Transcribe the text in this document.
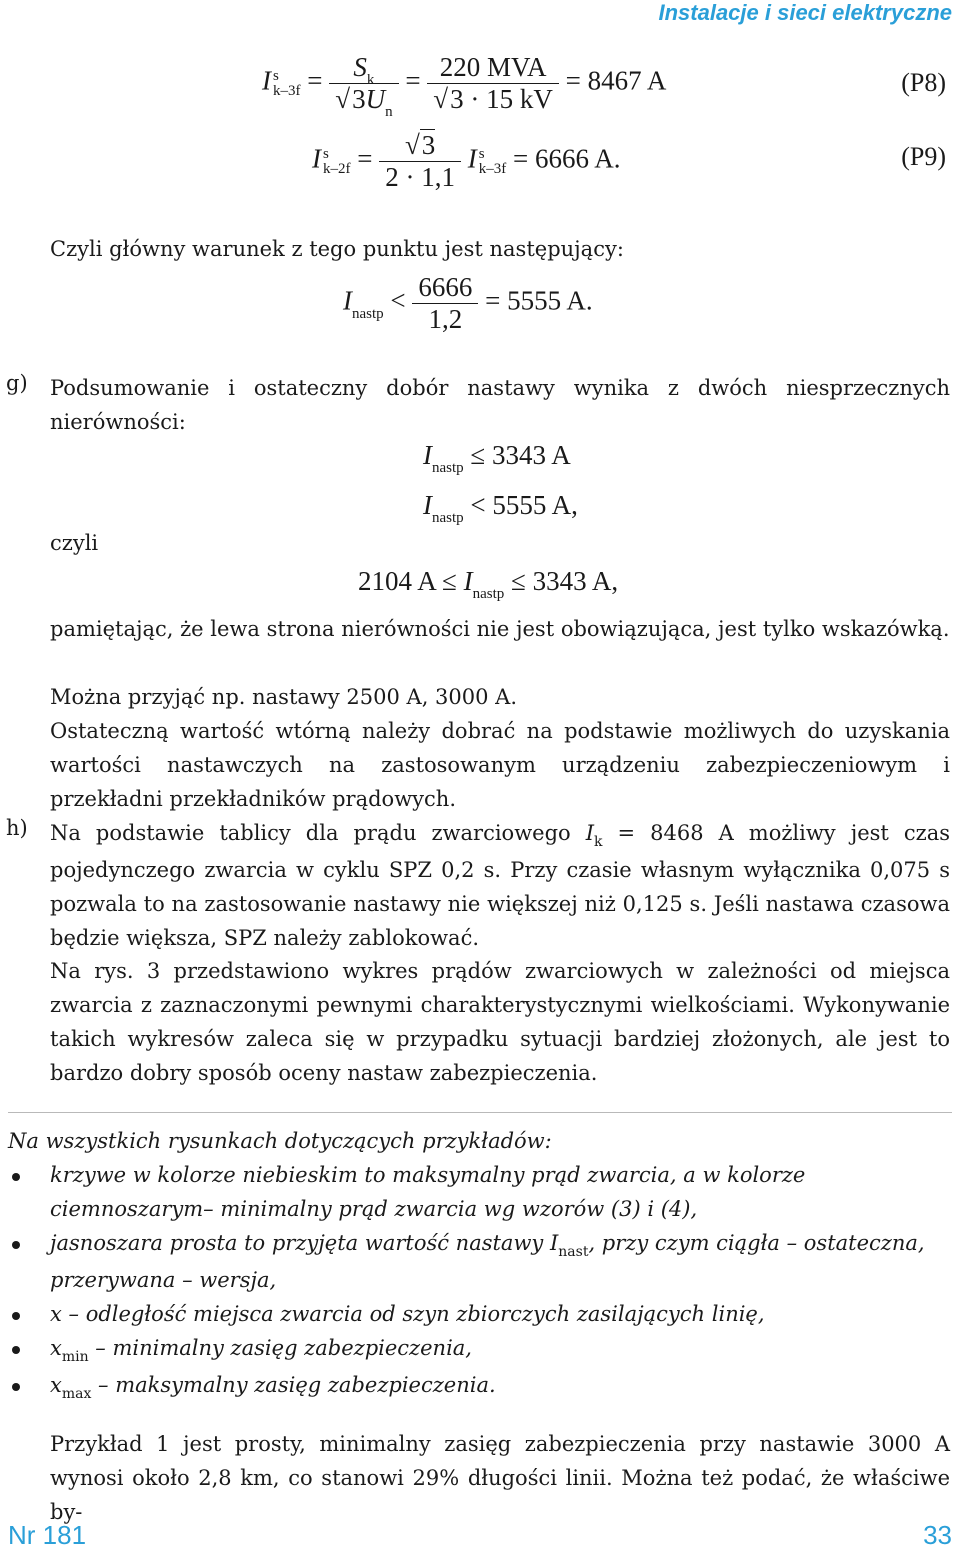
Instalacje i sieci elektryczne
I s
$k-3f = \frac{S_k}{√3U_n} = \frac{\text{220 MVA}}{√3 \cdot 15 kV} = 8467$ A	(P8)
I s
$k-2f = \frac{√3}{2 \cdot 1,1}$ I s
k–3f = 6666 A.	(P9)
Czyli główny warunek z tego punktu jest następujący:
$I_{nastp} < \frac{6666}{1,2} = 5555$ A.
g) Podsumowanie i ostateczny dobór nastawy wynika z dwóch niesprzecznych nierówności:
$I_{nastp} \le 3343$ A
$I_{nastp} < 5555$ A,
czyli
2104 $A \le I_{nastp} \le 3343$ A,
pamiętając, że lewa strona nierówności nie jest obowiązująca, jest tylko wskazówką.
Można przyjąć np. nastawy 2500 A, 3000 A.
Ostateczną wartość wtórną należy dobrać na podstawie możliwych do uzyskania wartości nastawczych na zastosowanym urządzeniu zabezpieczeniowym i przekładni przekładników prądowych.
h) Na podstawie tablicy dla prądu zwarciowego $I_k = 8468$ A możliwy jest czas pojedynczego zwarcia w cyklu SPZ 0,2 s. Przy czasie własnym wyłącznika 0,075 s pozwala to na zastosowanie nastawy nie większej niż 0,125 s. Jeśli nastawa czasowa będzie większa, SPZ należy zablokować.
Na rys. 3 przedstawiono wykres prądów zwarciowych w zależności od miejsca zwarcia z zaznaczonymi pewnymi charakterystycznymi wielkościami. Wykonywanie takich wykresów zaleca się w przypadku sytuacji bardziej złożonych, ale jest to bardzo dobry sposób oceny nastaw zabezpieczenia.
Na wszystkich rysunkach dotyczących przykładów:
krzywe w kolorze niebieskim to maksymalny prąd zwarcia, a w kolorze ciemnoszarym– minimalny prąd zwarcia wg wzorów (3) i (4),
jasnoszara prosta to przyjęta wartość nastawy $I_{nast}$, przy czym ciągła – ostateczna, przerywana – wersja,
x – odległość miejsca zwarcia od szyn zbiorczych zasilających linię,
$x_{min}$ – minimalny zasięg zabezpieczenia,
$x_{max}$ – maksymalny zasięg zabezpieczenia.
Przykład 1 jest prosty, minimalny zasięg zabezpieczenia przy nastawie 3000 A wynosi około 2,8 km, co stanowi 29% długości linii. Można też podać, że właściwe by-
Nr 181	33
